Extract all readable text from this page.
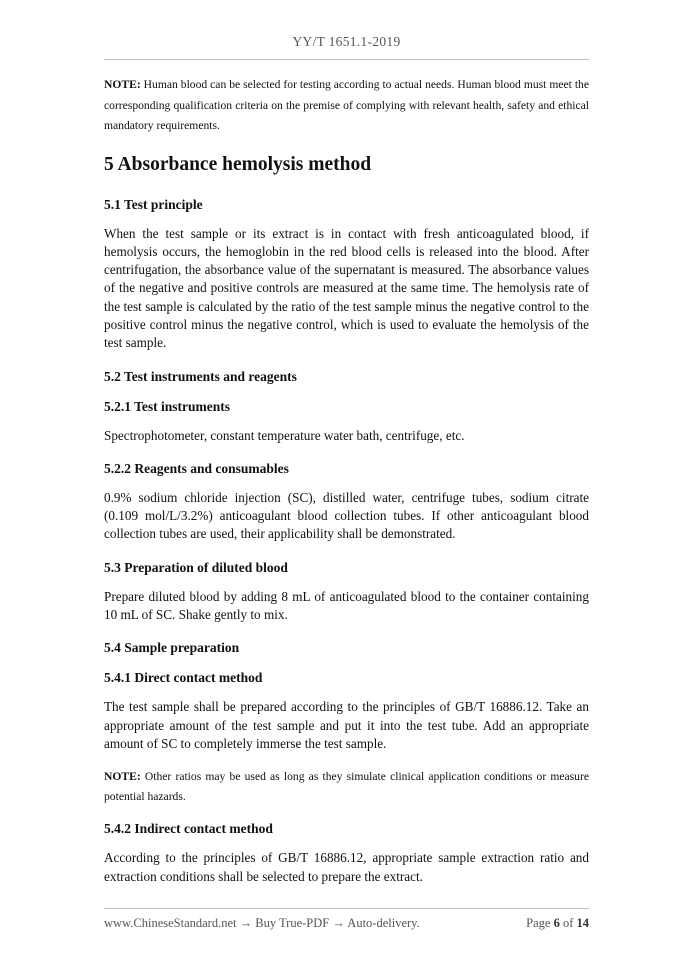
YY/T 1651.1-2019

NOTE: Human blood can be selected for testing according to actual needs. Human blood must meet the corresponding qualification criteria on the premise of complying with relevant health, safety and ethical mandatory requirements.

5 Absorbance hemolysis method
5.1 Test principle

When the test sample or its extract is in contact with fresh anticoagulated blood, if hemolysis occurs, the hemoglobin in the red blood cells is released into the blood. After centrifugation, the absorbance value of the supernatant is measured. The absorbance values of the negative and positive controls are measured at the same time. The hemolysis rate of the test sample is calculated by the ratio of the test sample minus the negative control to the positive control minus the negative control, which is used to evaluate the hemolysis of the test sample.

5.2 Test instruments and reagents
5.2.1 Test instruments

Spectrophotometer, constant temperature water bath, centrifuge, etc.

5.2.2 Reagents and consumables

0.9% sodium chloride injection (SC), distilled water, centrifuge tubes, sodium citrate (0.109 mol/L/3.2%) anticoagulant blood collection tubes. If other anticoagulant blood collection tubes are used, their applicability shall be demonstrated.

5.3 Preparation of diluted blood

Prepare diluted blood by adding 8 mL of anticoagulated blood to the container containing 10 mL of SC. Shake gently to mix.

5.4 Sample preparation
5.4.1 Direct contact method

The test sample shall be prepared according to the principles of GB/T 16886.12. Take an appropriate amount of the test sample and put it into the test tube. Add an appropriate amount of SC to completely immerse the test sample.

NOTE: Other ratios may be used as long as they simulate clinical application conditions or measure potential hazards.

5.4.2 Indirect contact method

According to the principles of GB/T 16886.12, appropriate sample extraction ratio and extraction conditions shall be selected to prepare the extract.

www.ChineseStandard.net → Buy True-PDF → Auto-delivery.	Page 6 of 14
